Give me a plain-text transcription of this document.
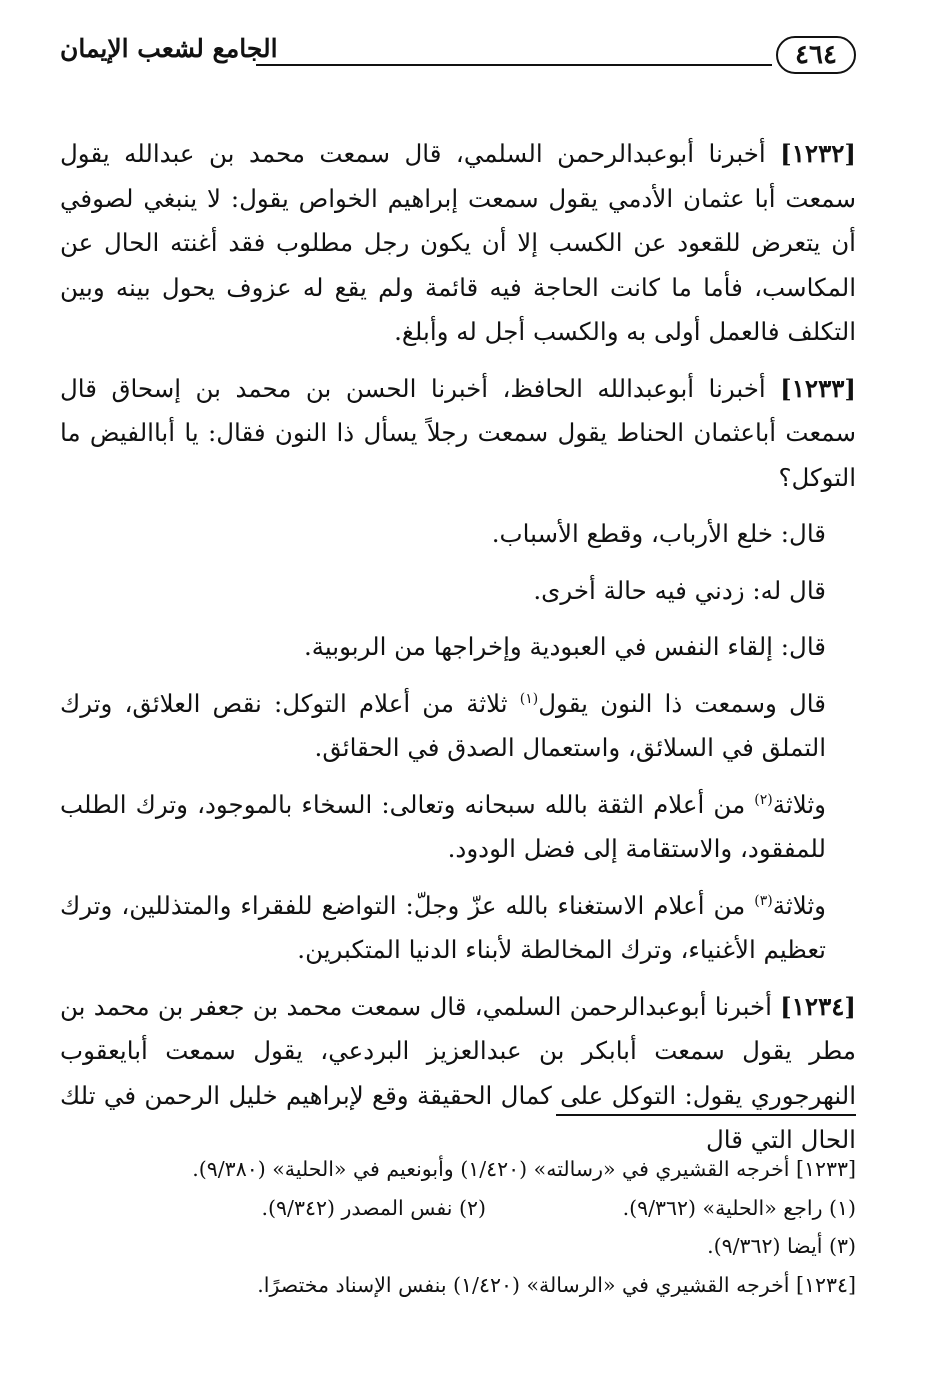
٤٦٤
الجامع لشعب الإيمان

[١٢٣٢] أخبرنا أبوعبدالرحمن السلمي، قال سمعت محمد بن عبدالله يقول سمعت أبا عثمان الأدمي يقول سمعت إبراهيم الخواص يقول: لا ينبغي لصوفي أن يتعرض للقعود عن الكسب إلا أن يكون رجل مطلوب فقد أغنته الحال عن المكاسب، فأما ما كانت الحاجة فيه قائمة ولم يقع له عزوف يحول بينه وبين التكلف فالعمل أولى به والكسب أجل له وأبلغ.

[١٢٣٣] أخبرنا أبوعبدالله الحافظ، أخبرنا الحسن بن محمد بن إسحاق قال سمعت أباعثمان الحناط يقول سمعت رجلاً يسأل ذا النون فقال: يا أباالفيض ما التوكل؟

قال: خلع الأرباب، وقطع الأسباب.

قال له: زدني فيه حالة أخرى.

قال: إلقاء النفس في العبودية وإخراجها من الربوبية.

قال وسمعت ذا النون يقول$^{(١)}$ ثلاثة من أعلام التوكل: نقص العلائق، وترك التملق في السلائق، واستعمال الصدق في الحقائق.

وثلاثة$^{(٢)}$ من أعلام الثقة بالله سبحانه وتعالى: السخاء بالموجود، وترك الطلب للمفقود، والاستقامة إلى فضل الودود.

وثلاثة$^{(٣)}$ من أعلام الاستغناء بالله عزّ وجلّ: التواضع للفقراء والمتذللين، وترك تعظيم الأغنياء، وترك المخالطة لأبناء الدنيا المتكبرين.

[١٢٣٤] أخبرنا أبوعبدالرحمن السلمي، قال سمعت محمد بن جعفر بن محمد بن مطر يقول سمعت أبابكر بن عبدالعزيز البردعي، يقول سمعت أبايعقوب النهرجوري يقول: التوكل على كمال الحقيقة وقع لإبراهيم خليل الرحمن في تلك الحال التي قال

[١٢٣٣] أخرجه القشيري في «رسالته» (١/٤٢٠) وأبونعيم في «الحلية» (٩/٣٨٠).
(١) راجع «الحلية» (٩/٣٦٢).
(٢) نفس المصدر (٩/٣٤٢).
(٣) أيضا (٩/٣٦٢).
[١٢٣٤] أخرجه القشيري في «الرسالة» (١/٤٢٠) بنفس الإسناد مختصرًا.
